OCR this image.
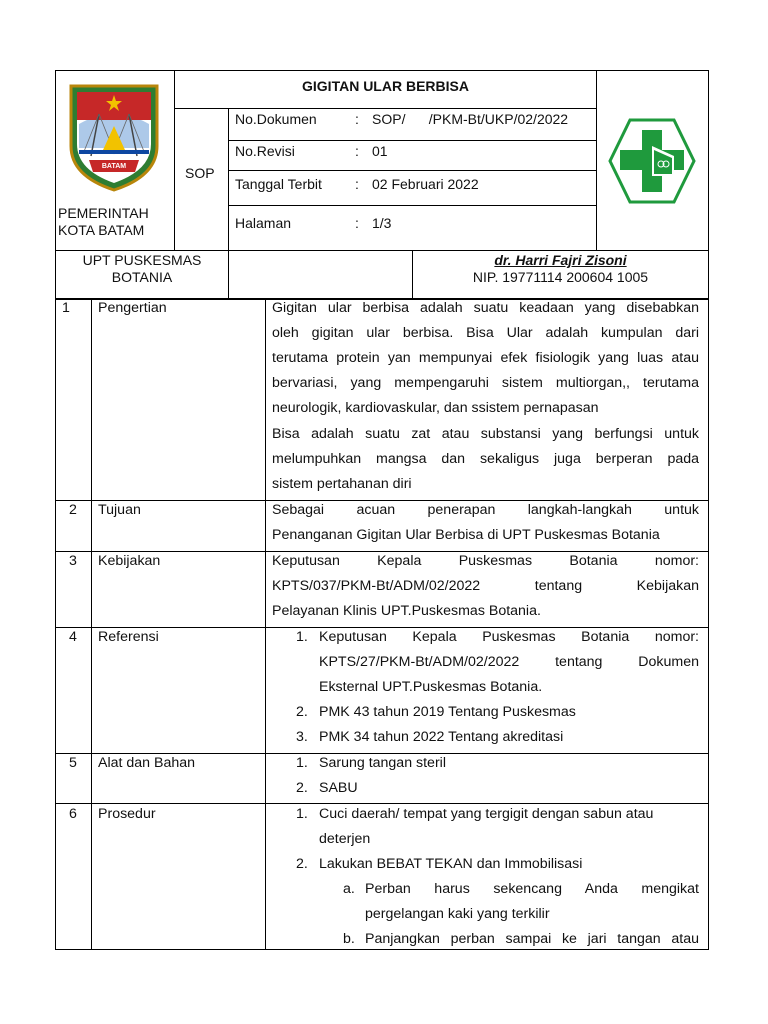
BATAM
PEMERINTAH
KOTA BATAM
SOP
GIGITAN ULAR BERBISA
No.Dokumen	: SOP/      /PKM-Bt/UKP/02/2022
No.Revisi	: 01
Tanggal Terbit : 02 Februari 2022
Halaman	: 1/3
UPT PUSKESMAS
BOTANIA
dr. Harri Fajri Zisoni
NIP. 19771114 200604 1005
1 Pengertian	Gigitan ular berbisa adalah suatu keadaan yang disebabkan
oleh gigitan ular berbisa. Bisa Ular adalah kumpulan dari
terutama protein yan mempunyai efek fisiologik yang luas atau
bervariasi, yang mempengaruhi sistem multiorgan,, terutama
neurologik, kardiovaskular, dan ssistem pernapasan
Bisa adalah suatu zat atau substansi yang berfungsi untuk
melumpuhkan mangsa dan sekaligus juga berperan pada
sistem pertahanan diri
2 Tujuan	Sebagai acuan penerapan langkah-langkah untuk
Penanganan Gigitan Ular Berbisa di UPT Puskesmas Botania
3 Kebijakan	Keputusan Kepala Puskesmas Botania nomor:
KPTS/037/PKM-Bt/ADM/02/2022 tentang Kebijakan
Pelayanan Klinis UPT.Puskesmas Botania.
4 Referensi	1. Keputusan Kepala Puskesmas Botania nomor:
KPTS/27/PKM-Bt/ADM/02/2022 tentang Dokumen
Eksternal UPT.Puskesmas Botania.
2. PMK 43 tahun 2019 Tentang Puskesmas
3. PMK 34 tahun 2022 Tentang akreditasi
5 Alat dan Bahan	1. Sarung tangan steril
2. SABU
6 Prosedur	1. Cuci daerah/ tempat yang tergigit dengan sabun atau
deterjen
2. Lakukan BEBAT TEKAN dan Immobilisasi
a. Perban harus sekencang Anda mengikat
pergelangan kaki yang terkilir
b. Panjangkan perban sampai ke jari tangan atau
